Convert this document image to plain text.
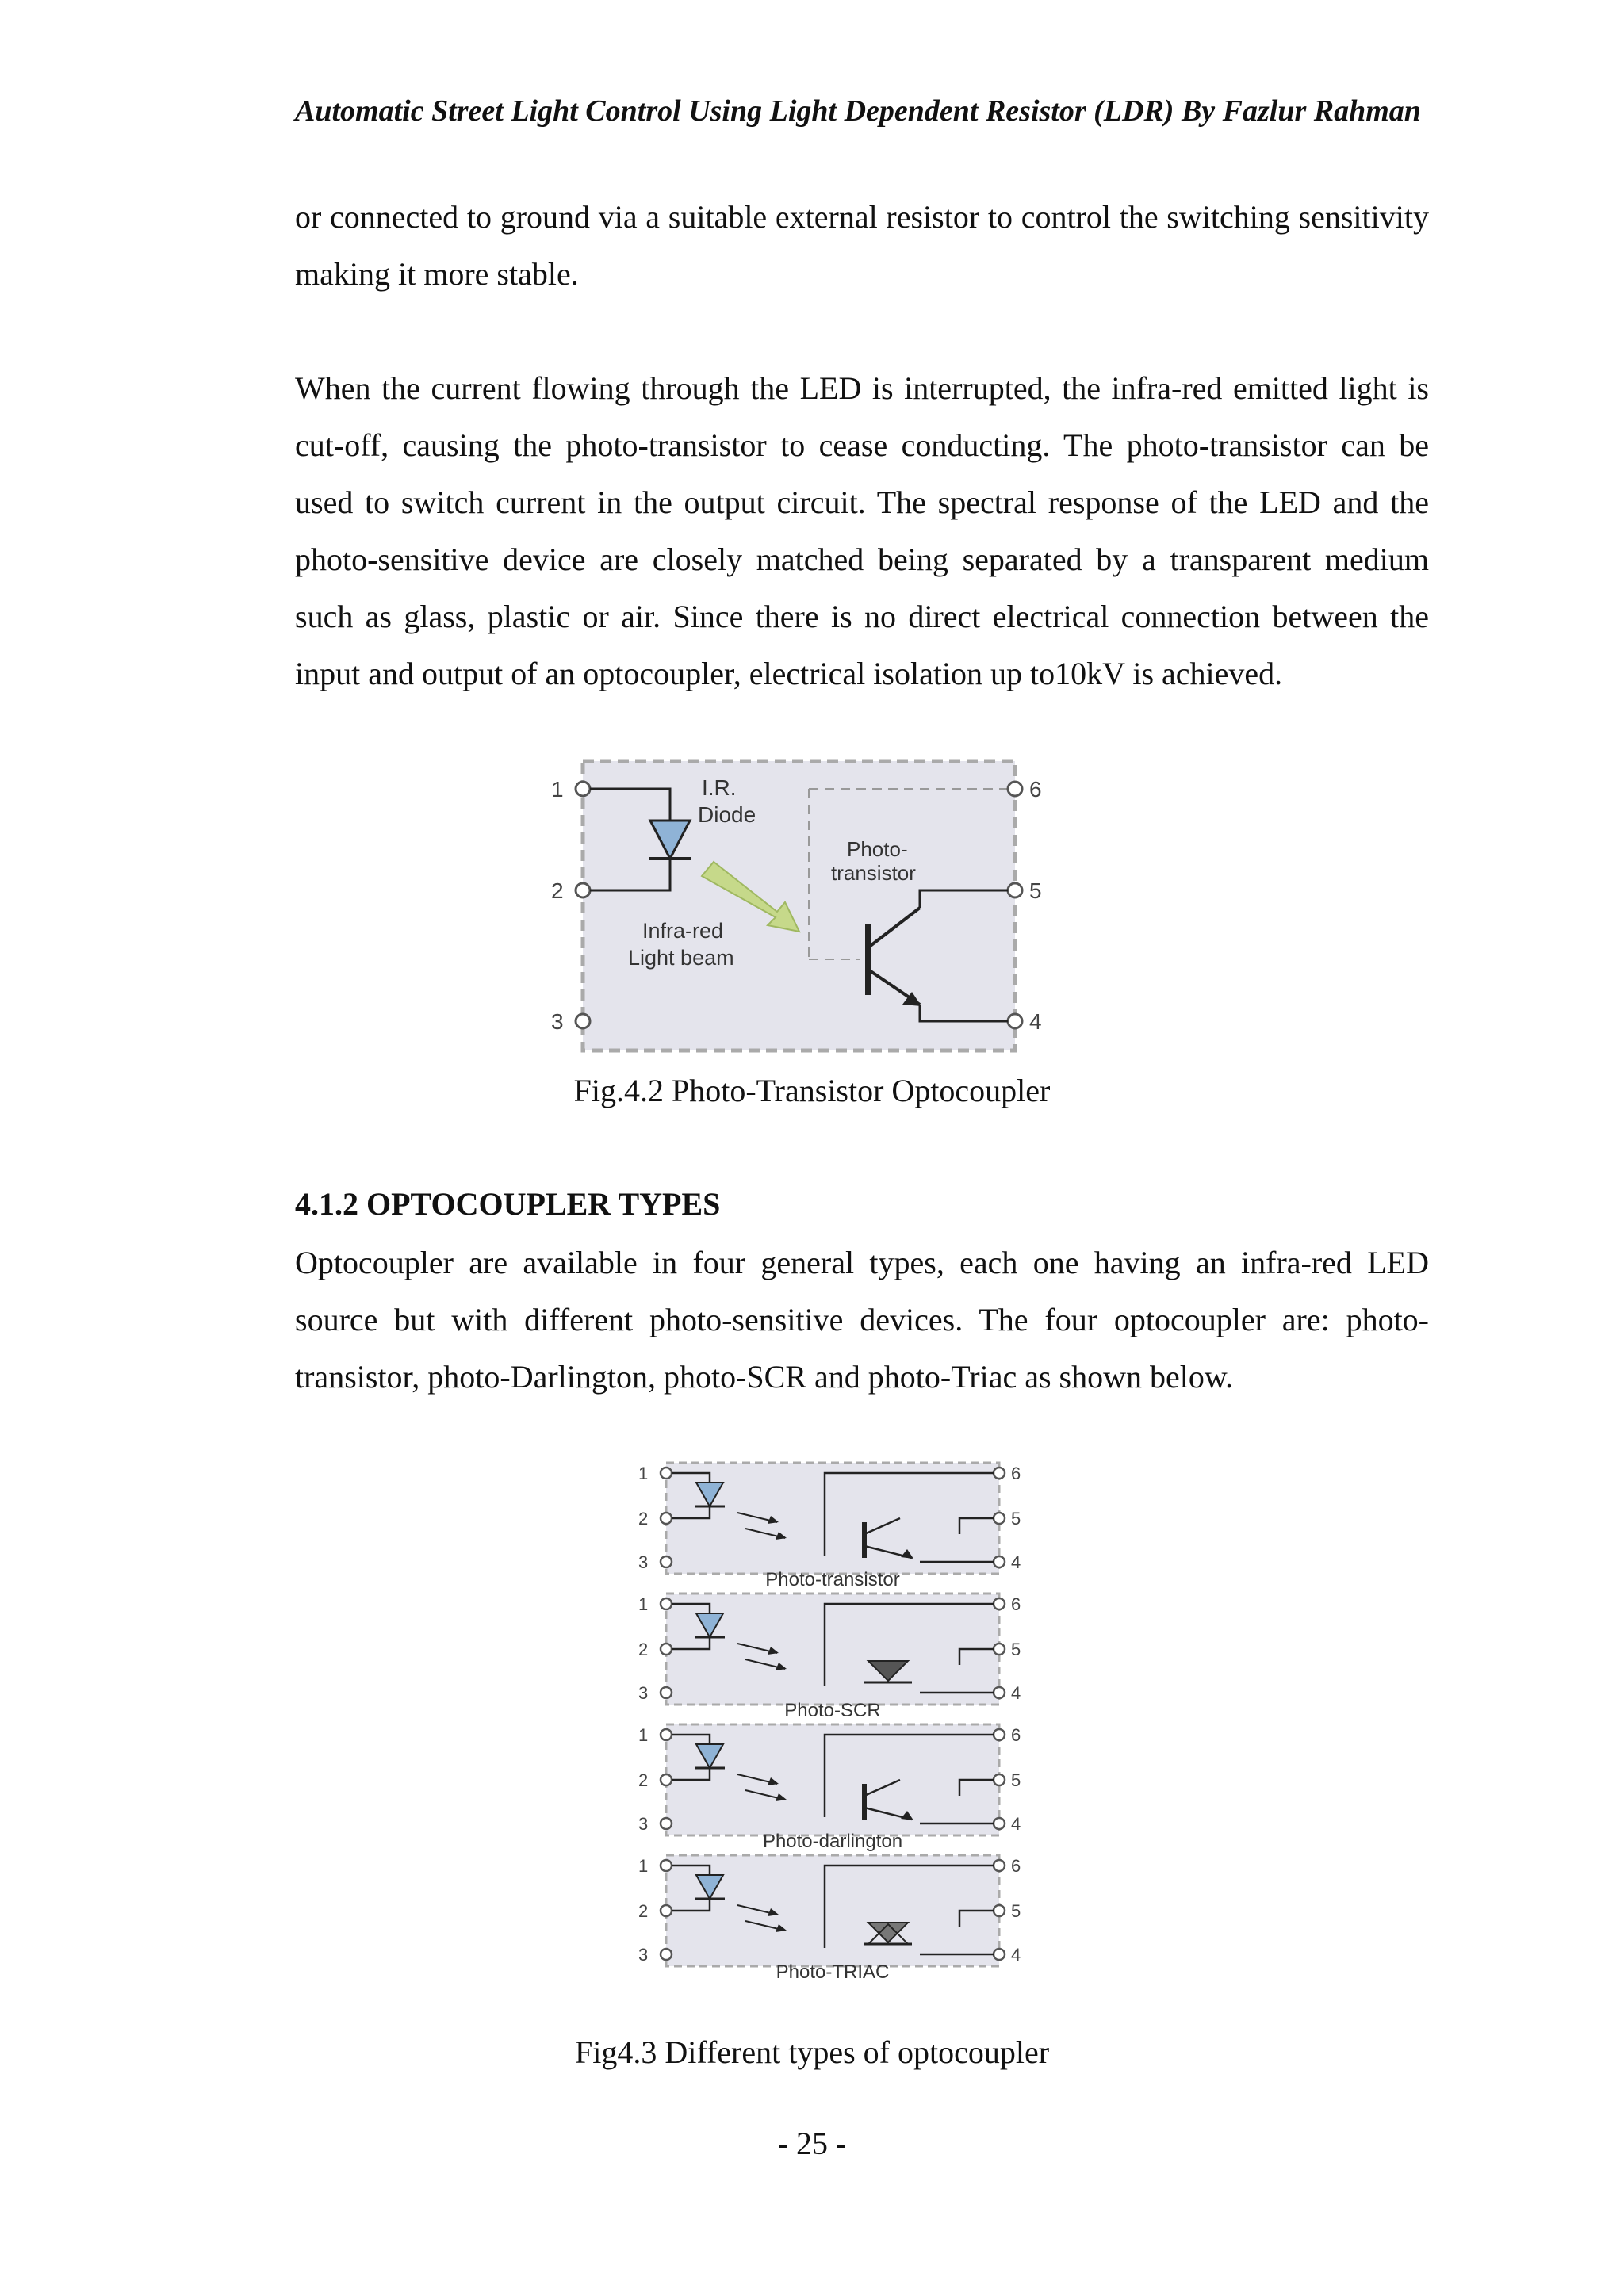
Automatic Street Light Control Using Light Dependent Resistor (LDR) By Fazlur Rahman

or connected to ground via a suitable external resistor to control the switching sensitivity making it more stable.

When the current flowing through the LED is interrupted, the infra-red emitted light is cut-off, causing the photo-transistor to cease conducting. The photo-transistor can be used to switch current in the output circuit. The spectral response of the LED and the photo-sensitive device are closely matched being separated by a transparent medium such as glass, plastic or air. Since there is no direct electrical connection between the input and output of an optocoupler, electrical isolation up to10kV is achieved.

1
2
3	4
5
6
I.R.
Diode
Photo-
transistor
Infra-red
Light beam
Fig.4.2 Photo-Transistor Optocoupler
4.1.2 OPTOCOUPLER TYPES

Optocoupler are available in four general types, each one having an infra-red LED source but with different photo-sensitive devices. The four optocoupler are: photo-transistor, photo-Darlington, photo-SCR and photo-Triac as shown below.

1	6
2	5
3	4
Photo-transistor
1	6
2	5
3	4
Photo-SCR
1	6
2	5
3	4
Photo-darlington
1	6
2	5
3	4
Photo-TRIAC
Fig4.3 Different types of optocoupler
- 25 -
